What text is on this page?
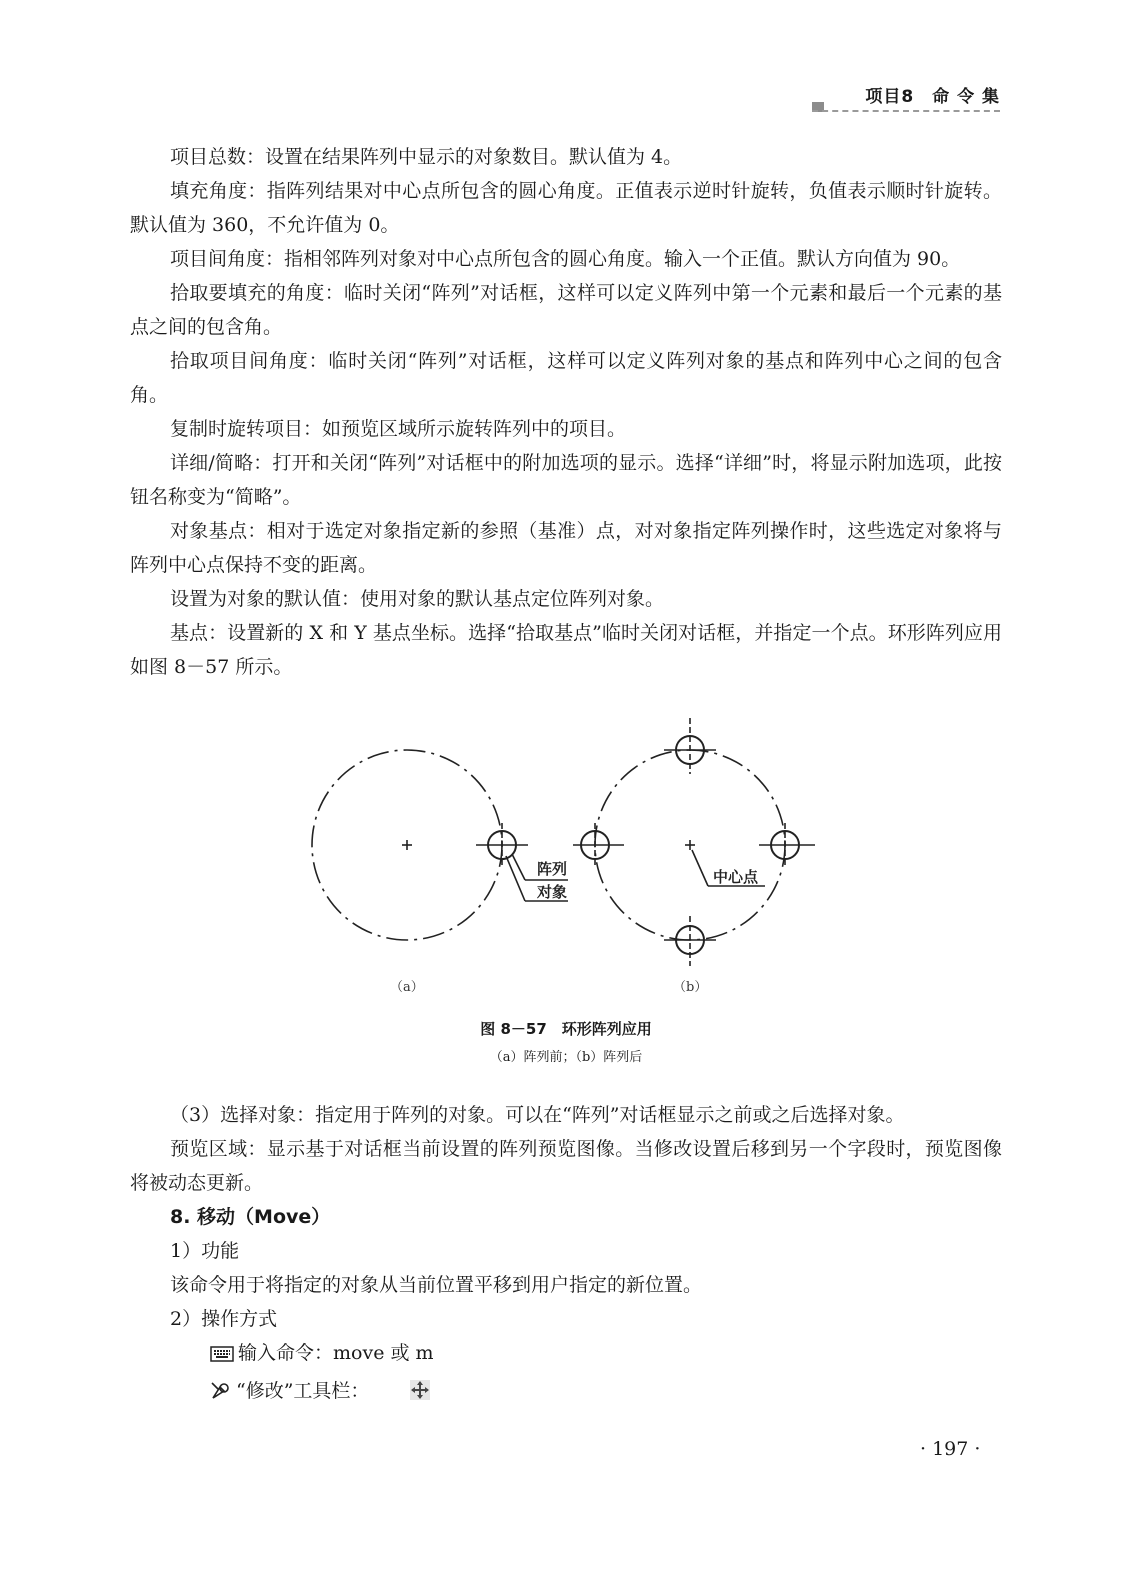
项目8　命 令 集

项目总数：设置在结果阵列中显示的对象数目。默认值为 4。

填充角度：指阵列结果对中心点所包含的圆心角度。正值表示逆时针旋转，负值表示顺时针旋转。默认值为 360，不允许值为 0。

项目间角度：指相邻阵列对象对中心点所包含的圆心角度。输入一个正值。默认方向值为 90。

拾取要填充的角度：临时关闭“阵列”对话框，这样可以定义阵列中第一个元素和最后一个元素的基点之间的包含角。

拾取项目间角度：临时关闭“阵列”对话框，这样可以定义阵列对象的基点和阵列中心之间的包含角。

复制时旋转项目：如预览区域所示旋转阵列中的项目。

详细/简略：打开和关闭“阵列”对话框中的附加选项的显示。选择“详细”时，将显示附加选项，此按钮名称变为“简略”。

对象基点：相对于选定对象指定新的参照（基准）点，对对象指定阵列操作时，这些选定对象将与阵列中心点保持不变的距离。

设置为对象的默认值：使用对象的默认基点定位阵列对象。

基点：设置新的 X 和 Y 基点坐标。选择“拾取基点”临时关闭对话框，并指定一个点。环形阵列应用如图 8－57 所示。

阵列
对象
中心点
（a）	（b）
图 8－57　环形阵列应用
（a）阵列前；（b）阵列后

（3）选择对象：指定用于阵列的对象。可以在“阵列”对话框显示之前或之后选择对象。

预览区域：显示基于对话框当前设置的阵列预览图像。当修改设置后移到另一个字段时，预览图像将被动态更新。

8. 移动（Move）

1）功能

该命令用于将指定的对象从当前位置平移到用户指定的新位置。

2）操作方式

输入命令：move 或 m

“修改”工具栏：

· 197 ·
